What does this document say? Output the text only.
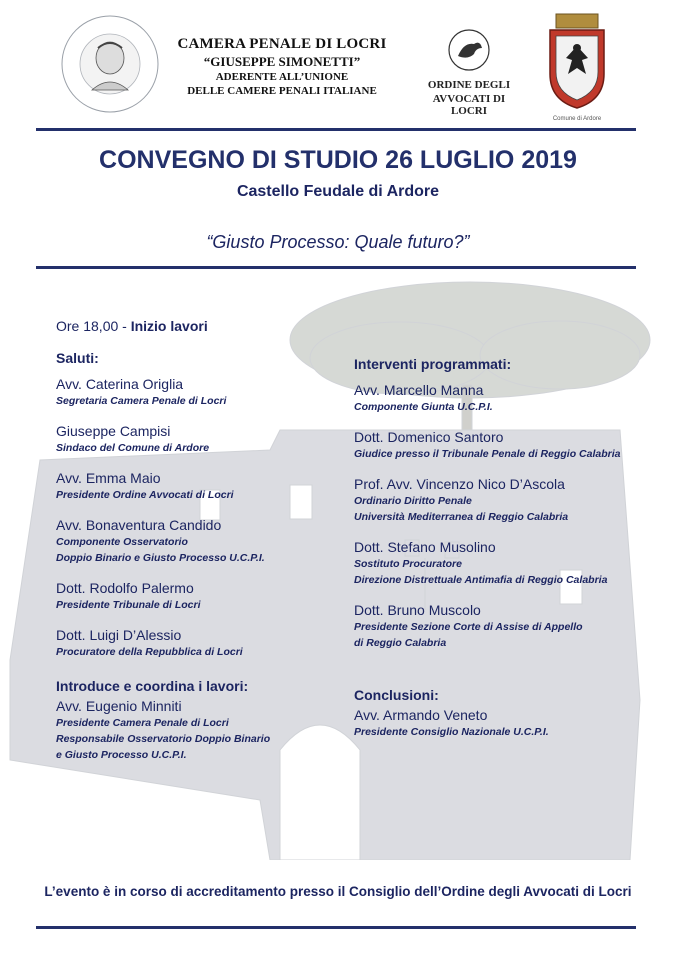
CAMERA PENALE DI LOCRI
“GIUSEPPE SIMONETTI”
ADERENTE ALL’UNIONE
DELLE CAMERE PENALI ITALIANE	ORDINE DEGLI
AVVOCATI DI LOCRI
Comune di Ardore
CONVEGNO DI STUDIO 26 LUGLIO 2019
Castello Feudale di Ardore
“Giusto Processo: Quale futuro?”
Ore 18,00 - Inizio lavori
Saluti:
Avv. Caterina Origlia
Segretaria Camera Penale di Locri
Giuseppe Campisi
Sindaco del Comune di Ardore
Avv. Emma Maio
Presidente Ordine Avvocati di Locri
Avv. Bonaventura Candido
Componente Osservatorio
Doppio Binario e Giusto Processo U.C.P.I.
Dott. Rodolfo Palermo
Presidente Tribunale di Locri
Dott. Luigi D’Alessio
Procuratore della Repubblica di Locri
Introduce e coordina i lavori:
Avv. Eugenio Minniti
Presidente Camera Penale di Locri
Responsabile Osservatorio Doppio Binario
e Giusto Processo U.C.P.I.
Interventi programmati:
Avv. Marcello Manna
Componente Giunta U.C.P.I.
Dott. Domenico Santoro
Giudice presso il Tribunale Penale di Reggio Calabria
Prof. Avv. Vincenzo Nico D’Ascola
Ordinario Diritto Penale
Università Mediterranea di Reggio Calabria
Dott. Stefano Musolino
Sostituto Procuratore
Direzione Distrettuale Antimafia di Reggio Calabria
Dott. Bruno Muscolo
Presidente Sezione Corte di Assise di Appello
di Reggio Calabria
Conclusioni:
Avv. Armando Veneto
Presidente Consiglio Nazionale U.C.P.I.
L’evento è in corso di accreditamento presso il Consiglio dell’Ordine degli Avvocati di Locri
